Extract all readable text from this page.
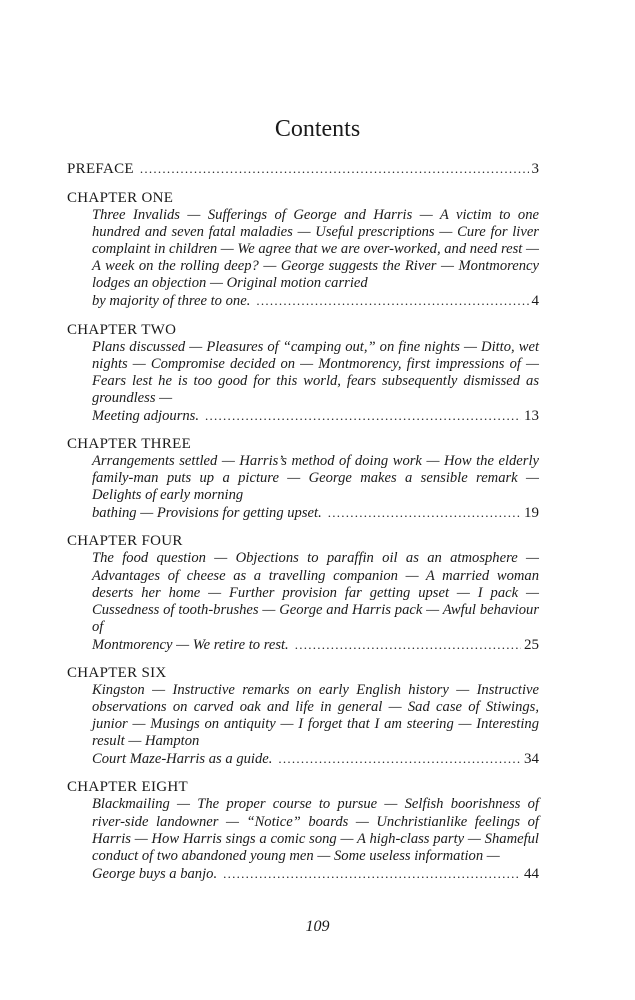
Contents
PREFACE . . .	3
CHAPTER ONE
Three Invalids — Sufferings of George and Harris — A victim to one hundred and seven fatal maladies — Useful prescriptions — Cure for liver complaint in children — We agree that we are over-worked, and need rest — A week on the rolling deep? — George suggests the River — Montmorency lodges an objection — Original motion carried
by majority of three to one. . . .	4
CHAPTER TWO
Plans discussed — Pleasures of “camping out,” on fine nights — Ditto, wet nights — Compromise decided on — Montmorency, first impressions of — Fears lest he is too good for this world, fears subsequently dismissed as groundless —
Meeting adjourns. . . .	13
CHAPTER THREE
Arrangements settled — Harris’s method of doing work — How the elderly family-man puts up a picture — George makes a sensible remark — Delights of early morning
bathing — Provisions for getting upset. . . .	19
CHAPTER FOUR
The food question — Objections to paraffin oil as an atmosphere — Advantages of cheese as a travelling companion — A married woman deserts her home — Further provision far getting upset — I pack — Cussedness of tooth-brushes — George and Harris pack — Awful behaviour of
Montmorency — We retire to rest. . . .	25
CHAPTER SIX
Kingston — Instructive remarks on early English history — Instructive observations on carved oak and life in general — Sad case of Stiwings, junior — Musings on antiquity — I forget that I am steering — Interesting result — Hampton
Court Maze-Harris as a guide. . . .	34
CHAPTER EIGHT
Blackmailing — The proper course to pursue — Selfish boorishness of river-side landowner — “Notice” boards — Unchristianlike feelings of Harris — How Harris sings a comic song — A high-class party — Shameful conduct of two abandoned young men — Some useless information —
George buys a banjo. . . .	44
109
